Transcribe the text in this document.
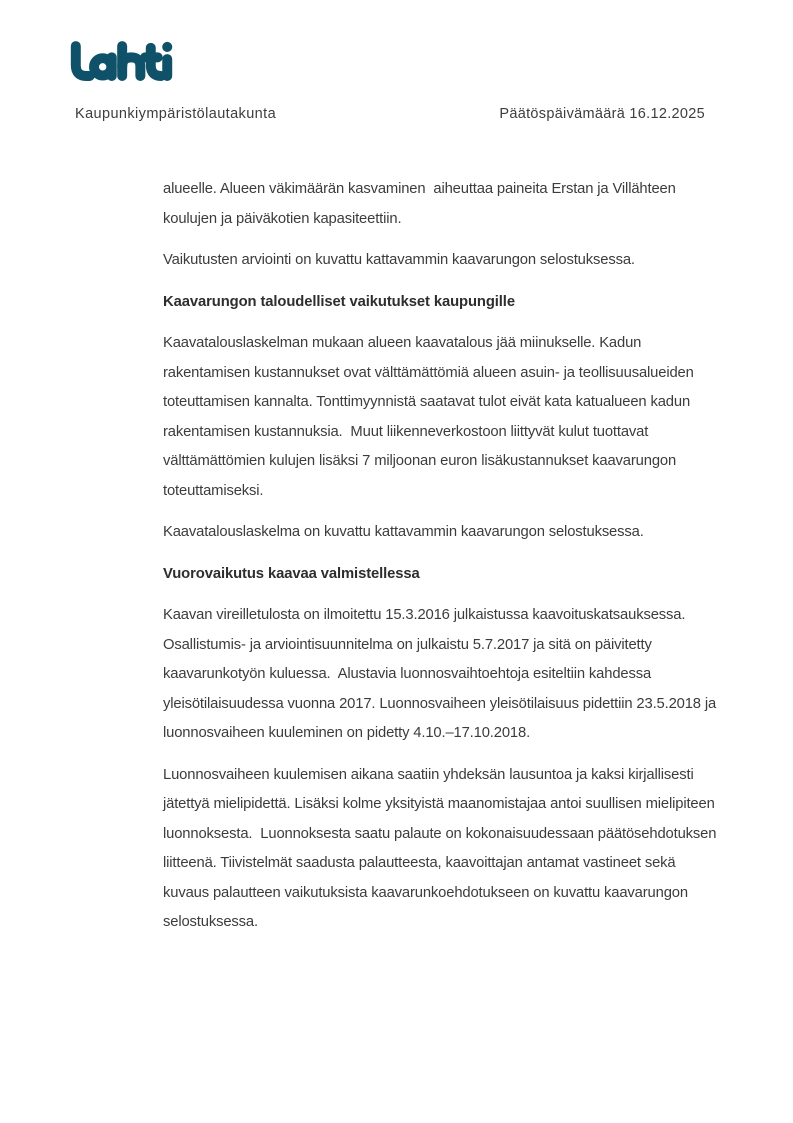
Kaupunkiympäristölautakunta	Päätöspäivämäärä 16.12.2025

alueelle. Alueen väkimäärän kasvaminen  aiheuttaa paineita Erstan ja Villähteen koulujen ja päiväkotien kapasiteettiin.

Vaikutusten arviointi on kuvattu kattavammin kaavarungon selostuksessa.

Kaavarungon taloudelliset vaikutukset kaupungille

Kaavatalouslaskelman mukaan alueen kaavatalous jää miinukselle. Kadun rakentamisen kustannukset ovat välttämättömiä alueen asuin- ja teollisuusalueiden toteuttamisen kannalta. Tonttimyynnistä saatavat tulot eivät kata katualueen kadun rakentamisen kustannuksia.  Muut liikenneverkostoon liittyvät kulut tuottavat välttämättömien kulujen lisäksi 7 miljoonan euron lisäkustannukset kaavarungon toteuttamiseksi.

Kaavatalouslaskelma on kuvattu kattavammin kaavarungon selostuksessa.

Vuorovaikutus kaavaa valmistellessa

Kaavan vireilletulosta on ilmoitettu 15.3.2016 julkaistussa kaavoituskatsauksessa. Osallistumis- ja arviointisuunnitelma on julkaistu 5.7.2017 ja sitä on päivitetty kaavarunkotyön kuluessa.  Alustavia luonnosvaihtoehtoja esiteltiin kahdessa yleisötilaisuudessa vuonna 2017. Luonnosvaiheen yleisötilaisuus pidettiin 23.5.2018 ja luonnosvaiheen kuuleminen on pidetty 4.10.–17.10.2018.

Luonnosvaiheen kuulemisen aikana saatiin yhdeksän lausuntoa ja kaksi kirjallisesti jätettyä mielipidettä. Lisäksi kolme yksityistä maanomistajaa antoi suullisen mielipiteen luonnoksesta.  Luonnoksesta saatu palaute on kokonaisuudessaan päätösehdotuksen liitteenä. Tiivistelmät saadusta palautteesta, kaavoittajan antamat vastineet sekä kuvaus palautteen vaikutuksista kaavarunkoehdotukseen on kuvattu kaavarungon selostuksessa.
